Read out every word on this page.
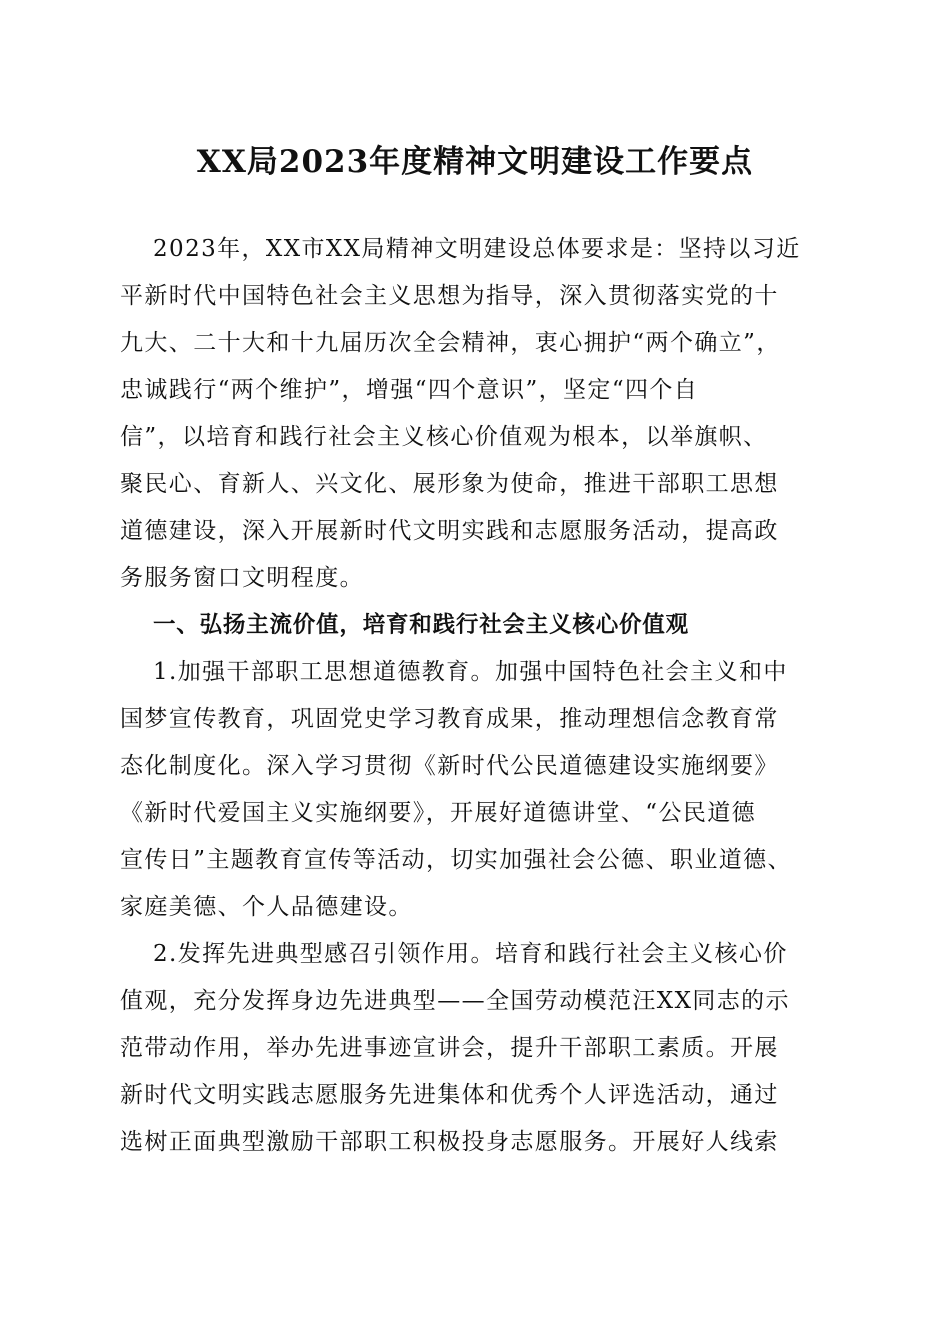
XX局2023年度精神文明建设工作要点
2023年，XX市XX局精神文明建设总体要求是：坚持以习近
平新时代中国特色社会主义思想为指导，深入贯彻落实党的十
九大、二十大和十九届历次全会精神，衷心拥护“两个确立”，
忠诚践行“两个维护”，增强“四个意识”，坚定“四个自
信”，以培育和践行社会主义核心价值观为根本，以举旗帜、
聚民心、育新人、兴文化、展形象为使命，推进干部职工思想
道德建设，深入开展新时代文明实践和志愿服务活动，提高政
务服务窗口文明程度。
一、弘扬主流价值，培育和践行社会主义核心价值观
1.加强干部职工思想道德教育。加强中国特色社会主义和中
国梦宣传教育，巩固党史学习教育成果，推动理想信念教育常
态化制度化。深入学习贯彻《新时代公民道德建设实施纲要》
《新时代爱国主义实施纲要》，开展好道德讲堂、“公民道德
宣传日”主题教育宣传等活动，切实加强社会公德、职业道德、
家庭美德、个人品德建设。
2.发挥先进典型感召引领作用。培育和践行社会主义核心价
值观，充分发挥身边先进典型——全国劳动模范汪XX同志的示
范带动作用，举办先进事迹宣讲会，提升干部职工素质。开展
新时代文明实践志愿服务先进集体和优秀个人评选活动，通过
选树正面典型激励干部职工积极投身志愿服务。开展好人线索
